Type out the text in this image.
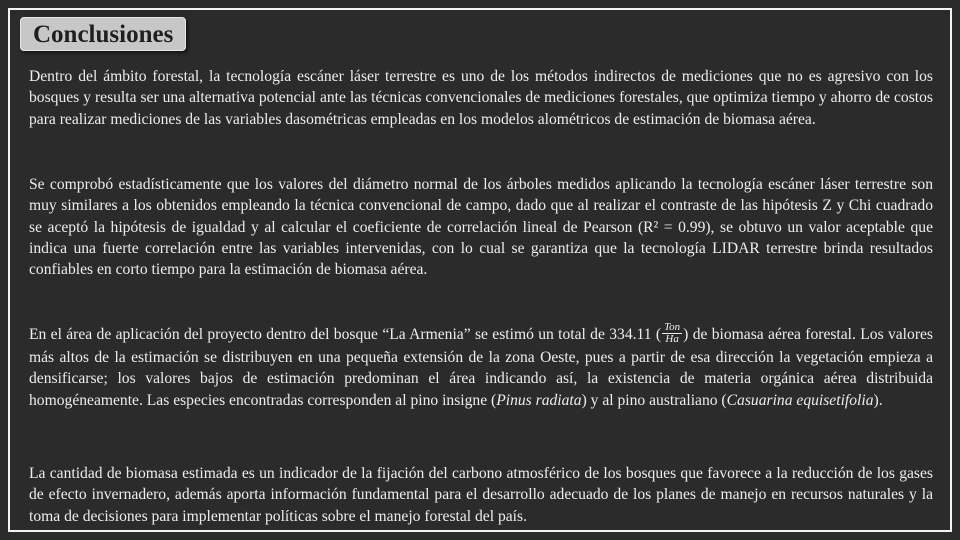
Conclusiones

Dentro del ámbito forestal, la tecnología escáner láser terrestre es uno de los métodos indirectos de mediciones que no es agresivo con los bosques y resulta ser una alternativa potencial ante las técnicas convencionales de mediciones forestales, que optimiza tiempo y ahorro de costos para realizar mediciones de las variables dasométricas empleadas en los modelos alométricos de estimación de biomasa aérea.

Se comprobó estadísticamente que los valores del diámetro normal de los árboles medidos aplicando la tecnología escáner láser terrestre son muy similares a los obtenidos empleando la técnica convencional de campo, dado que al realizar el contraste de las hipótesis Z y Chi cuadrado se aceptó la hipótesis de igualdad y al calcular el coeficiente de correlación lineal de Pearson (R² = 0.99), se obtuvo un valor aceptable que indica una fuerte correlación entre las variables intervenidas, con lo cual se garantiza que la tecnología LIDAR terrestre brinda resultados confiables en corto tiempo para la estimación de biomasa aérea.

En el área de aplicación del proyecto dentro del bosque “La Armenia” se estimó un total de 334.11 ( $\frac{\text{Ton}}{Ha}$ ) de biomasa aérea forestal. Los valores más altos de la estimación se distribuyen en una pequeña extensión de la zona Oeste, pues a partir de esa dirección la vegetación empieza a densificarse; los valores bajos de estimación predominan el área indicando así, la existencia de materia orgánica aérea distribuida homogéneamente. Las especies encontradas corresponden al pino insigne (Pinus radiata) y al pino australiano (Casuarina equisetifolia).

La cantidad de biomasa estimada es un indicador de la fijación del carbono atmosférico de los bosques que favorece a la reducción de los gases de efecto invernadero, además aporta información fundamental para el desarrollo adecuado de los planes de manejo en recursos naturales y la toma de decisiones para implementar políticas sobre el manejo forestal del país.
